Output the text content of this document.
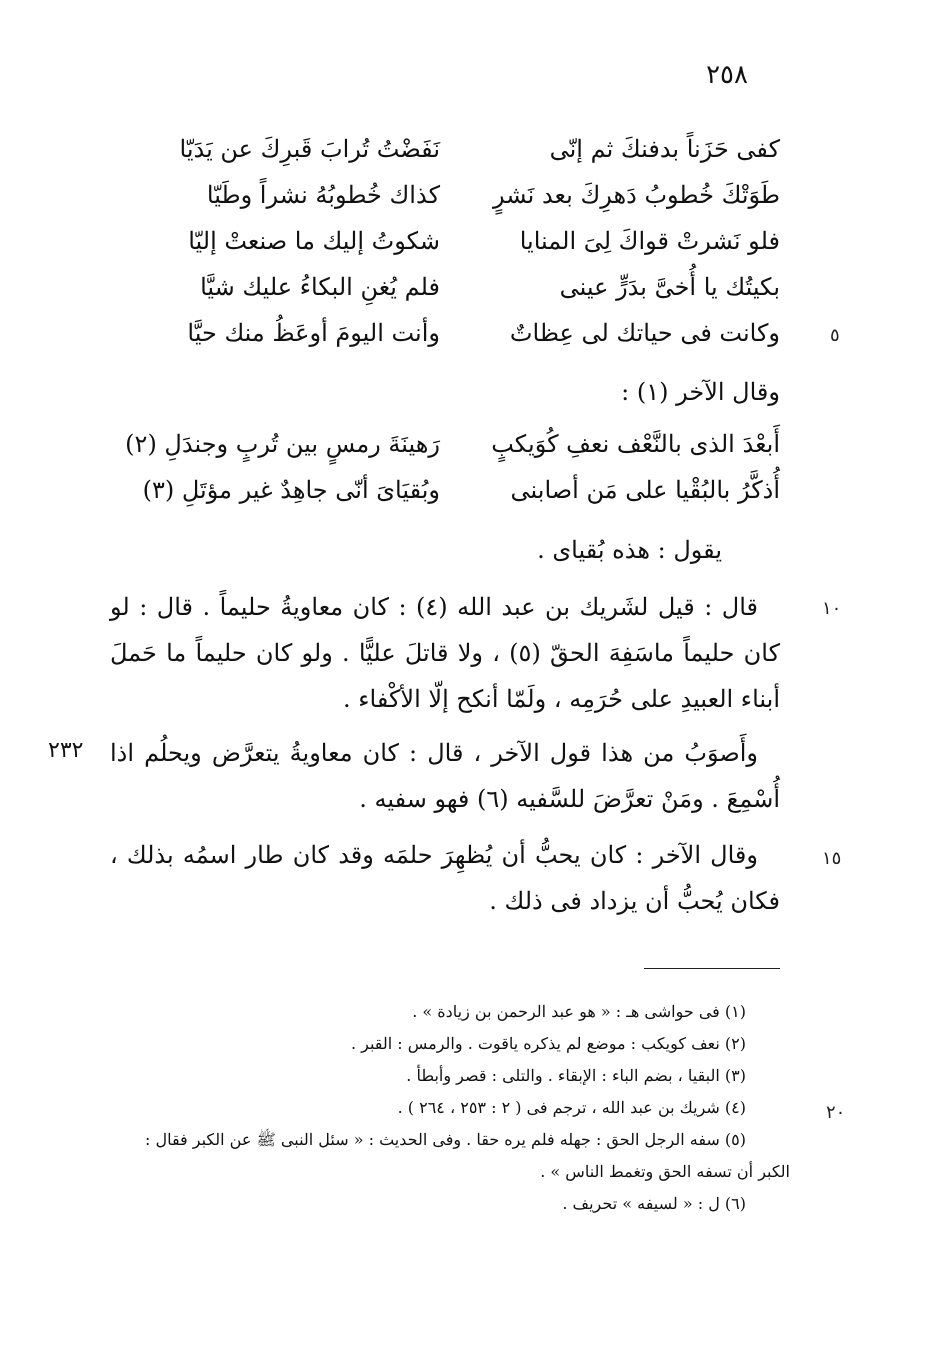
٢٥٨
كفى حَزَناً بدفنكَ ثم إنّى
نَفَضْتُ تُرابَ قَبرِكَ عن يَدَيّا
طَوَتْكَ خُطوبُ دَهرِكَ بعد نَشرٍ
كذاك خُطوبُهُ نشراً وطَيّا
فلو نَشرتْ قواكَ لِىَ المنايا
شكوتُ إليك ما صنعتْ إليّا
بكيتُك يا أُخىَّ بدَرٍّ عينى
فلم يُغنِ البكاءُ عليك شيَّا
وكانت فى حياتك لى عِظاتٌ
وأنت اليومَ أوعَظُ منك حيَّا	٥
وقال الآخر (١) :
أَبعْدَ الذى بالنَّعْف نعفِ كُوَيكبٍ
رَهينَةَ رمسٍ بين تُربٍ وجندَلِ (٢)
أُذكَّرُ بالبُقْيا على مَن أصابنى
وبُقيَاىَ أنّى جاهِدٌ غير مؤتَلِ (٣)
يقول : هذه بُقيای .
قال : قيل لشَريك بن عبد الله (٤) : كان معاويةُ حليماً . قال : لو كان حليماً ماسَفِهَ الحقّ (٥) ، ولا قاتلَ عليًّا . ولو كان حليماً ما حَملَ أبناء العبيدِ على حُرَمِه ، ولَمّا أنكح إلّا الأكْفاء .
١٠
وأَصوَبُ من هذا قول الآخر ، قال : كان معاويةُ يتعرَّض ويحلُم اذا أُسْمِعَ . ومَنْ تعرَّضَ للسَّفيه (٦) فهو سفيه .
٢٣٢
وقال الآخر : كان يحبُّ أن يُظهِرَ حلمَه وقد كان طار اسمُه بذلك ، فكان يُحبُّ أن يزداد فى ذلك .
١٥
(١) فى حواشى هـ : « هو عبد الرحمن بن زيادة » .
(٢) نعف كويكب : موضع لم يذكره ياقوت . والرمس : القبر .
(٣) البقيا ، بضم الباء : الإبقاء . والتلى : قصر وأبطأ .
(٤) شريك بن عبد الله ، ترجم فى ( ٢ : ٢٥٣ ، ٢٦٤ ) .
(٥) سفه الرجل الحق : جهله فلم يره حقا . وفى الحديث : « سئل النبى ﷺ عن الكبر فقال : الكبر أن تسفه الحق وتغمط الناس » .
(٦) ل : « لسيفه » تحريف .
٢٠
